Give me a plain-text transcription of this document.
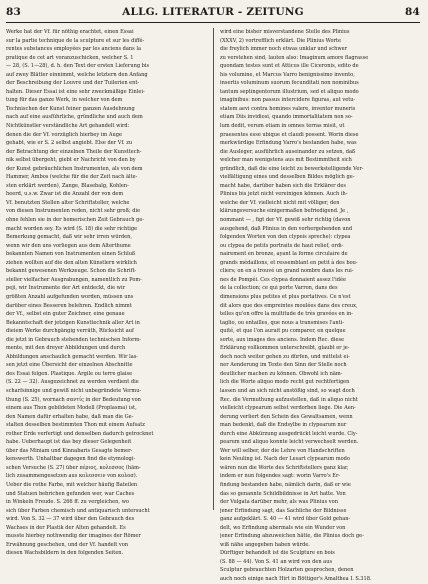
83	ALLG. LITERATUR - ZEITUNG	84
Werke hat der Vf. für nöthig erachtet, einen Essai
sur la partie technique de la sculpture et sur les diffé-
rentes substances employées par les anciens dans la
pratique de cet art voranzuschicken, welcher S. 1
— 28, (S. 1—28), d. h. den Text der ersten Lieferung bis
auf zwey Blätter einnimmt, welche letztern den Anfang
der Beschreibung der Louvre und der Tuilerien ent-
halten. Dieser Essai ist eine sehr zweckmäßige Einlei-
tung für das ganze Werk, in welcher von dem
Technischen der Kunst feiner ganzen Ausdehnung
nach auf eine ausführliche, gründliche und auch dem
Nichtkünstler verständliche Art gehandelt wird:
denen die der Vf. vorzüglich hierbey im Auge
gehabt, wie er S. 2 selbst angiebt. Else der Vf. zu
der Betrachtung der einzelnen Theile der Kunsttech-
nik selbst übergeht, giebt er Nachricht von den by
der Kunst gebräuchlichen Instrumenten, als von dem
Hammer, Ambos (welche für die der Zeit nach älte-
sten erklärt werden), Zange, Blasebalg, Kohlen-
heerd, u.s.w. Zwar ist die Anzahl der von dem
Vf. benutzten Stellen alter Schriftsteller, welche
von diesen Instrumenten reden, nicht sehr groß; die
ohne fehlen sie in der homerischen Zeit Gebrauch ge-
macht worden sey. Es wird (S. 18) die sehr richtige
Bemerkung gemacht, daß wir sehr irren würden,
wenn wir den uns vorliegen aus dem Alterthume
bekannten Namen von Instrumenten einen Schluß
ziehen wollten auf die den alten Künstlern wirklich
bekannt gewesenen Werkzeuge. Schon die Schrift-
steller vielfacher Ausgrabungen, namentlich zu Pom-
peji, wir Instrumente der Art entdeckt, die wir
größten Anzahl aufgefunden worden, müssen uns
darüber eines Besseren belehren. Endlich nimmt
der Vf., selbst ein guter Zeichner, eine genaue
Bekanntschaft der jetzigen Kunsttechnik aller Art in
dieiem Werke durchgängig verräth, Rücksicht auf
die jetzt in Gebrauch stehenden technischen Inform-
mente, mit den dreyer Abbildungen und durch
Abbildungen anschaulich gemacht werden. Wir las-
sen jetzt eine Übersicht der einzelnen Abschnitte
des Essai folgen. Plastique. Argile ou terre glaise
(S. 22 — 32). Ausgezeichnet zu werden verdient die
scharfsinnige und gewiß nicht unbegründete Vermu-
thung (S. 25), wornach σαντίς in der Bedeutung von
einem aus Thon gebildeten Modell (Proplasma) ist,
den Namen dafür erhalten habe, daß man die Ge-
stalten desselben bestimmten Thon mit einem Aufsatz
rother Erde verfertigt und denselben dadurch getrocknet
habe. Ueberhaupt ist das bey dieser Gelegenheit
über das Miniam und Kinnabaris Gesagte bemer-
kenswerth. Unhaltbar dagegen find die etymologi-
schen Versuche (S. 27) über πέριος, κολεσσος (häm-
lich zusammengesetzen aus κολεσσειν von κολοσ).
Ueber die rothe Farbe, mit welcher häufig Bateilen
und Statuen bebrichen gefunden wer, war Caches
in Winkeln Freude. S. 266 ff. zu vergleichen, wo
sich über Farben chemisch und antiquarisch untersucht
wird. Von S. 32 — 37 wird über den Gebrauch des
Wachses in der Plastik der Alten gehandelt. Es
musste hierbey nothwendig der imagines der Römer
Erwähnung geschehen, und der Vf. handelt von
diesen Wachsbildern in den folgenden Seiten.
wird eine bisher misverstandene Stelle des Plinius
(XXXV, 2) vortrefflich erklärt. Die Plinius Worte
die freylich immer noch etwas unklar und schwer
zu verstehen sind, lauten also: Imaginum amore flagrasse
quondam testes sunt et Atticus ille Ciceronis, edito de
his volumine, et Marcus Varro benignissimo invento,
insertis voluminum suorum fecunditati non nominibus
tantum septingentorum illustrium, sed et aliquo modo
imaginibus: non passus intercidere figuras, aut vetu-
statem aevi contra homines valere, inventor muneris
etiam Diis invidiosi, quando immortalitatem non so-
lum dedit, verum etiam in omnes terras misit, ut
praesentes esse ubique et claudi possent. Worin diese
merkwürdige Erfindung Varro's bestanden habe, was
die Ausleger, ausführlich auseinander zu setzen, daß
welcher man wenigstens aus mit Bestimmtheit sich
gründlich, daß die eine leicht zu bewerkstelligende Ver-
vielfältigung eines und desselben Bildes möglich ge-
macht habe, darüber haben sich die Erklärer des
Plinius bis jetzt nicht vereinigen können. Auch ih-
welche der Vf. vielleicht nicht mit völliger, den
klärungsversuche einigermaßen befriedigend. Je ,
nommant — , figt der Vf. gewiß sehr richtig (davon
ausgehend, daß Plinius in den vorhergehenden und
folgenden Worten von den clypeis spreche): clypea
ou clypea de petits portraits de haut relief, ordi-
nairement en bronze, ayant la forme circulaire de
grands médaillons, et ressemblant en petit à des bou-
cliers; on en a trouvé un grand nombre dans les rui-
nes de Pompéi. Ces clypea donnaient assez l'idée
de la collection; ce qui porte Varron, dans des
dimensions plus petites et plus portatives. Ce n'est
dit alors que des empreintes moulées dans des creux,
telles qu'on offre la multitude de très gravées en in-
taglio, ou entailles, que nous a transmises l'anti-
quité, et que l'on aurait pu comparer, en quelque
sorte, aux images des anciens. Indem Rec. diese
Erklärung vollkommen unterschreibt, glaubt er je-
doch noch weiter gehen zu dürfen, und mittelst ei-
ner Aenderung im Texte den Sinn der Stelle noch
deutlicher machen zu können. Obwohl ich näm-
lich die Worte aliquo modo recht gut rechtfertigen
lassen und an sich nicht anstößig sind, so wagt doch
Rec. die Vermuthung aufzustellen, daß in aliquo nicht
vielleicht clypearum selbst verdorben liege. Die Aen-
derung verliert den Schein des Gewaltsamen, wenn
man bedenkt, daß die Endsylbe in clypearum nur
durch eine Abkürzung ausgedrückt leicht wurde. Cly-
pearum und aliquo konnte leicht verwechselt werden.
Wer will selber, der die Lehre von Handschriften
kein Neuling ist. Nach der Lesart clypearum modo
wären nun die Worte des Schriftstellers ganz klar,
indem er nun folgendes sagt: worin Varro's Er-
findung bestanden habe, nämlich darin, daß er wie
das so genannte Schildbildnisse in Art hatte. Von
der Vulgata darüber mehr, als was Plinius von
jener Erfindung sagt, das Sachliche der Bildnisse
ganz aufgeklärt. S. 40 — 41 wird über Gold gehan-
delt, wo Erfindung abermals wie ein Wunder von
jener Erfindung abzuweichen hätte, die Plinius doch ge-
wiß nähe angegeben haben würde.
Dürftiger behandelt ist die Sculpture en bois
(S. 88 — 44). Von S. 41 an wird von den aus
Sculptur gebrauchten Holzarten gesprochen, denen
auch noch einige nach Hirt in Böttiger's Amalthea I. S.318.
